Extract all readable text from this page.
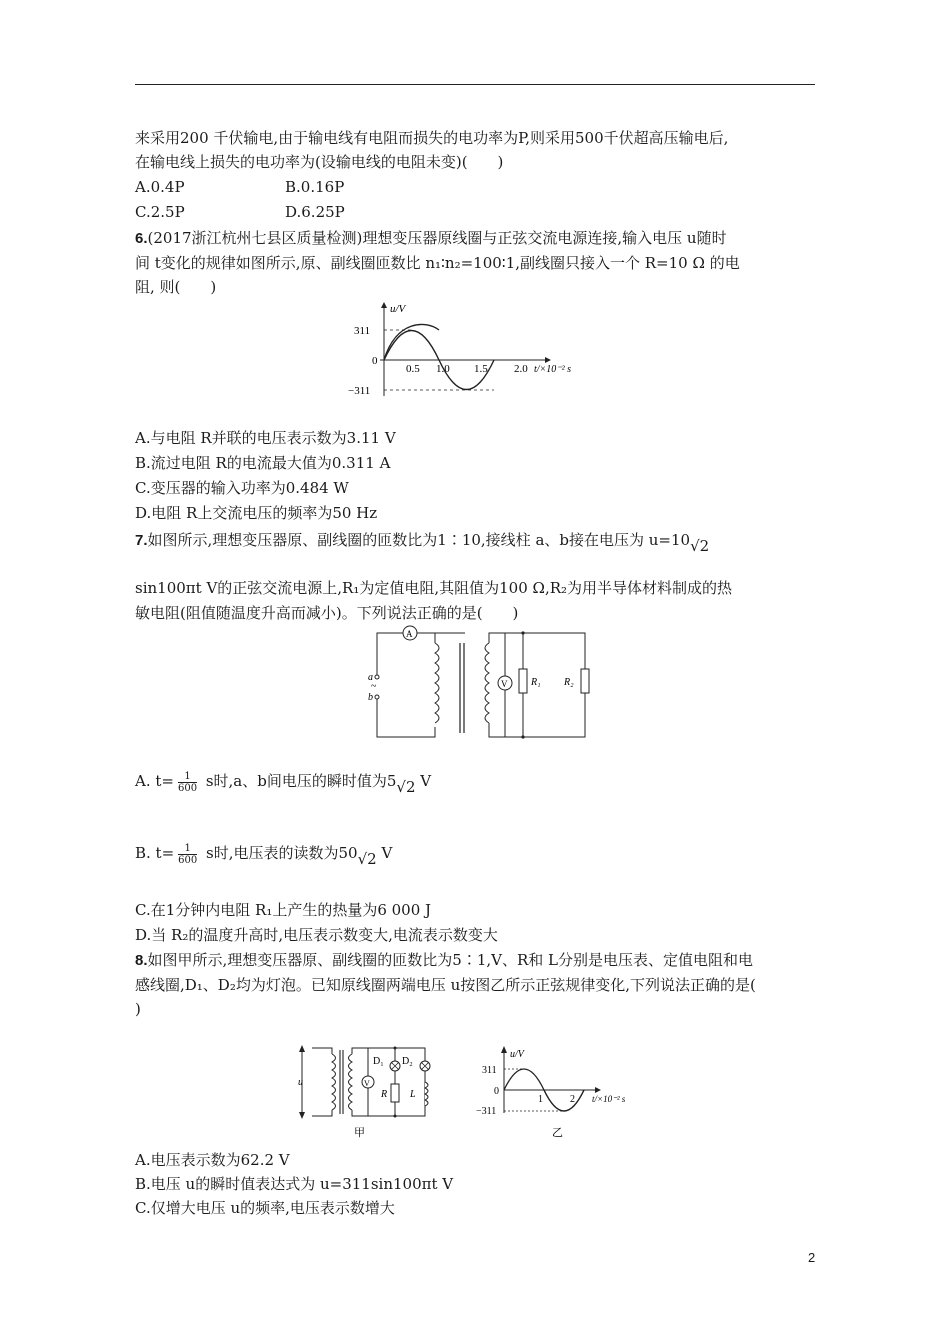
来采用200 千伏输电,由于输电线有电阻而损失的电功率为P,则采用500千伏超高压输电后,
在输电线上损失的电功率为(设输电线的电阻未变)(　　)
A.0.4P	B.0.16P
C.2.5P	D.6.25P
6.(2017浙江杭州七县区质量检测)理想变压器原线圈与正弦交流电源连接,输入电压 u随时
间 t变化的规律如图所示,原、副线圈匝数比 n₁∶n₂=100∶1,副线圈只接入一个 R=10 Ω 的电
阻, 则(　　)
u/V
311
0
−311
0.5 1.0 1.5 2.0 t/×10⁻² s
A.与电阻 R并联的电压表示数为3.11 V
B.流过电阻 R的电流最大值为0.311 A
C.变压器的输入功率为0.484 W
D.电阻 R上交流电压的频率为50 Hz
7.如图所示,理想变压器原、副线圈的匝数比为1∶10,接线柱 a、b接在电压为 u=10√2
sin100πt V的正弦交流电源上,R₁为定值电阻,其阻值为100 Ω,R₂为用半导体材料制成的热
敏电阻(阻值随温度升高而减小)。下列说法正确的是(　　)
A
a
~
b
V R₁ R₂
A. $t= \frac{1}{600}$ s时,a、b间电压的瞬时值为5√2 V
B. $t= \frac{1}{600}$ s时,电压表的读数为50√2 V
C.在1分钟内电阻 R₁上产生的热量为6 000 J
D.当 R₂的温度升高时,电压表示数变大,电流表示数变大
8.如图甲所示,理想变压器原、副线圈的匝数比为5∶1,V、R和 L分别是电压表、定值电阻和电
感线圈,D₁、D₂均为灯泡。已知原线圈两端电压 u按图乙所示正弦规律变化,下列说法正确的是(
)
u	V
D₁
R
D₂
L
甲
u/V
311
0
−311
1	2 t/×10⁻² s
乙
A.电压表示数为62.2 V
B.电压 u的瞬时值表达式为 u=311sin100πt V
C.仅增大电压 u的频率,电压表示数增大
2
